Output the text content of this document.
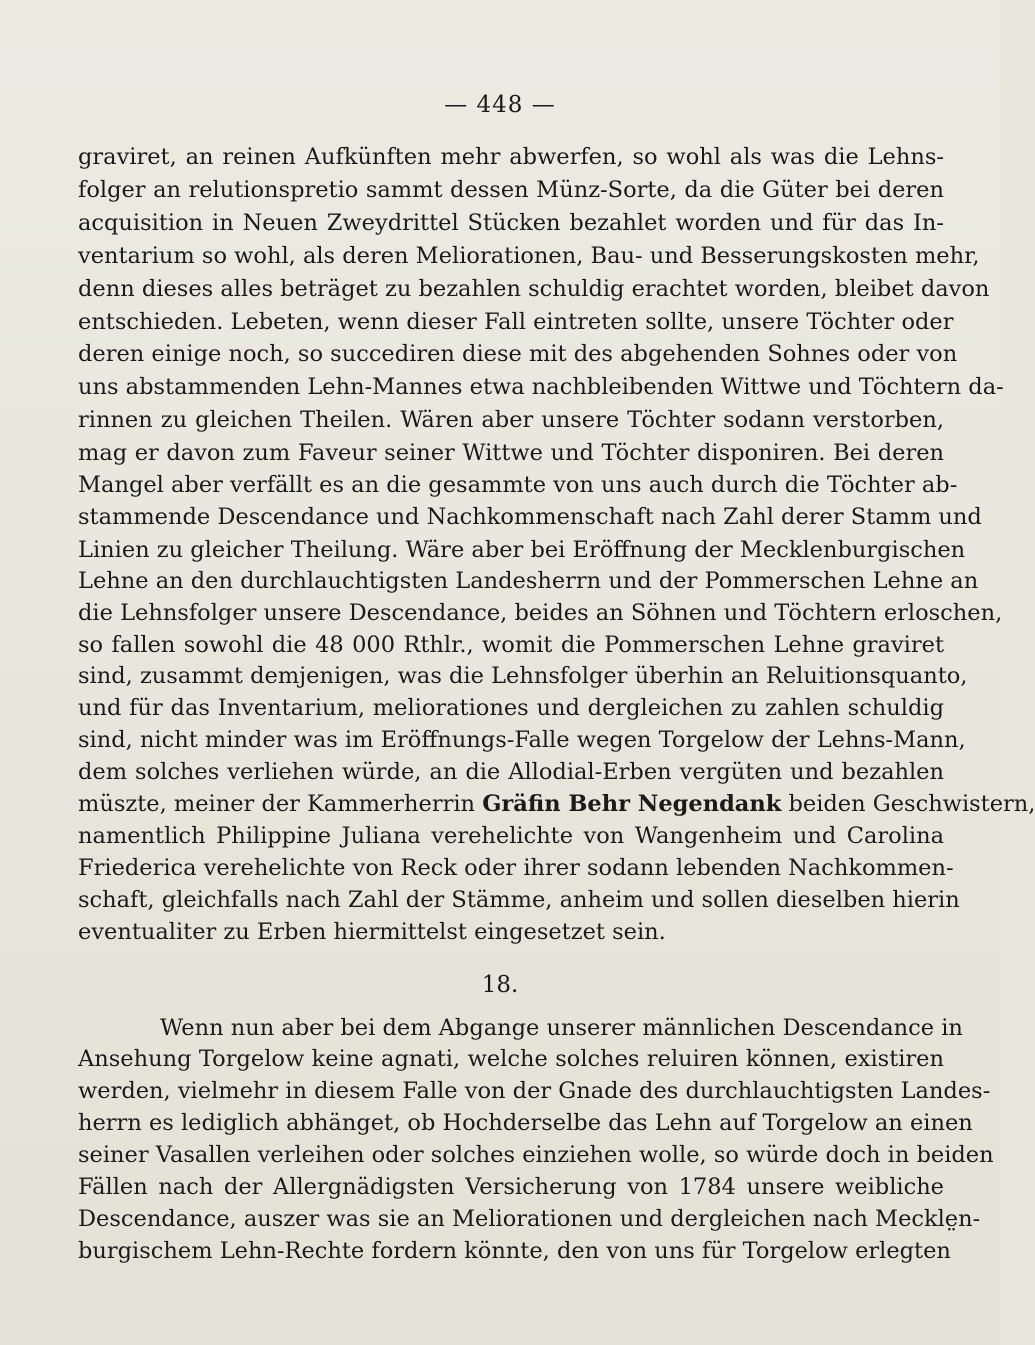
— 448 —
graviret, an reinen Aufkünften mehr abwerfen, so wohl als was die Lehns-
folger an relutionspretio sammt dessen Münz-Sorte, da die Güter bei deren
acquisition in Neuen Zweydrittel Stücken bezahlet worden und für das In-
ventarium so wohl, als deren Meliorationen, Bau- und Besserungskosten mehr,
denn dieses alles beträget zu bezahlen schuldig erachtet worden, bleibet davon
entschieden. Lebeten, wenn dieser Fall eintreten sollte, unsere Töchter oder
deren einige noch, so succediren diese mit des abgehenden Sohnes oder von
uns abstammenden Lehn-Mannes etwa nachbleibenden Wittwe und Töchtern da-
rinnen zu gleichen Theilen. Wären aber unsere Töchter sodann verstorben,
mag er davon zum Faveur seiner Wittwe und Töchter disponiren. Bei deren
Mangel aber verfällt es an die gesammte von uns auch durch die Töchter ab-
stammende Descendance und Nachkommenschaft nach Zahl derer Stamm und
Linien zu gleicher Theilung. Wäre aber bei Eröffnung der Mecklenburgischen
Lehne an den durchlauchtigsten Landesherrn und der Pommerschen Lehne an
die Lehnsfolger unsere Descendance, beides an Söhnen und Töchtern erloschen,
so fallen sowohl die 48 000 Rthlr., womit die Pommerschen Lehne graviret
sind, zusammt demjenigen, was die Lehnsfolger überhin an Reluitionsquanto,
und für das Inventarium, meliorationes und dergleichen zu zahlen schuldig
sind, nicht minder was im Eröffnungs-Falle wegen Torgelow der Lehns-Mann,
dem solches verliehen würde, an die Allodial-Erben vergüten und bezahlen
müszte, meiner der Kammerherrin Gräfin Behr Negendank beiden Geschwistern,
namentlich Philippine Juliana verehelichte von Wangenheim und Carolina
Friederica verehelichte von Reck oder ihrer sodann lebenden Nachkommen-
schaft, gleichfalls nach Zahl der Stämme, anheim und sollen dieselben hierin
eventualiter zu Erben hiermittelst eingesetzet sein.
18.
Wenn nun aber bei dem Abgange unserer männlichen Descendance in
Ansehung Torgelow keine agnati, welche solches reluiren können, existiren
werden, vielmehr in diesem Falle von der Gnade des durchlauchtigsten Landes-
herrn es lediglich abhänget, ob Hochderselbe das Lehn auf Torgelow an einen
seiner Vasallen verleihen oder solches einziehen wolle, so würde doch in beiden
Fällen nach der Allergnädigsten Versicherung von 1784 unsere weibliche
Descendance, auszer was sie an Meliorationen und dergleichen nach Meckle̤n-
burgischem Lehn-Rechte fordern könnte, den von uns für Torgelow erlegten
